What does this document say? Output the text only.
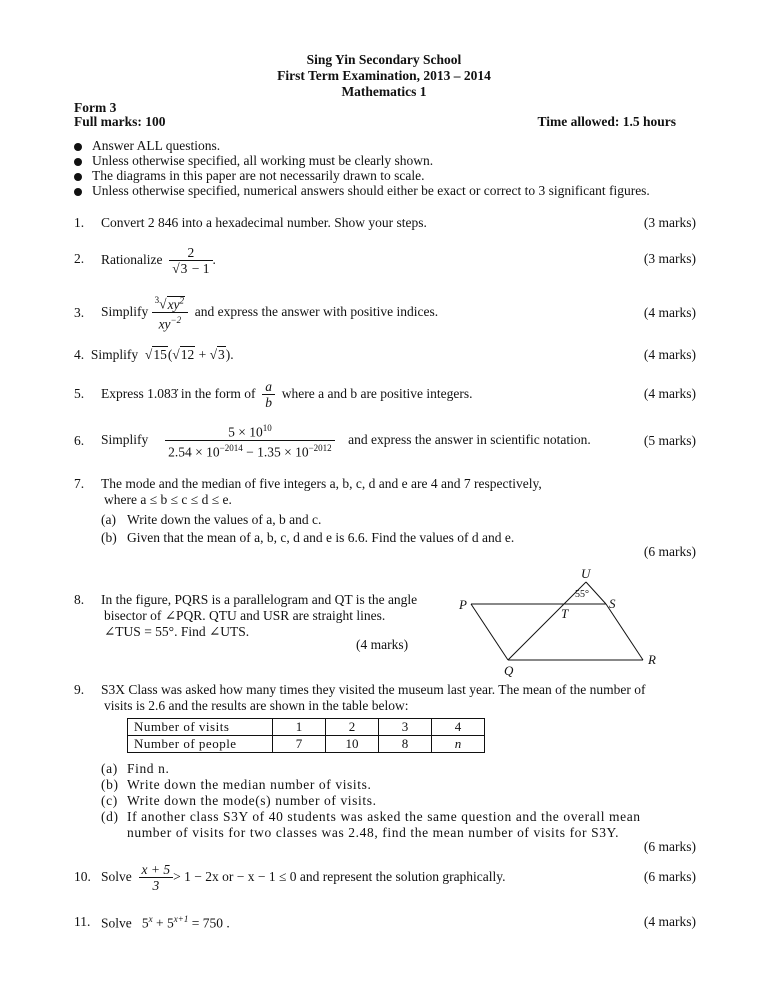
Sing Yin Secondary School
First Term Examination, 2013 – 2014
Mathematics 1
Form 3
Full marks: 100	Time allowed: 1.5 hours
Answer ALL questions.
Unless otherwise specified, all working must be clearly shown.
The diagrams in this paper are not necessarily drawn to scale.
Unless otherwise specified, numerical answers should either be exact or correct to 3 significant figures.
1. Convert 2 846 into a hexadecimal number. Show your steps.	(3 marks)
2. Rationalize
$\frac{2}{√3 - 1}$ .	(3 marks)
3. Simplify
$\frac{^3√xy^2}{xy^{-2}}$
and express the answer with positive indices.	(4 marks)
4.
Simplify
√15(√12 + √3).	(4 marks)
5. Express 1.083̇ in the form of
$\frac{a}{b}$
where a and b are positive integers.	(4 marks)
6. Simplify
$\frac{5 \times 10^{10}}{2.54 \times 10^{-2014} - 1.35 \times 10^{-2012}}$
and express the answer in scientific notation.	(5 marks)
7. The mode and the median of five integers a, b, c, d and e are 4 and 7 respectively,
where a ≤ b ≤ c ≤ d ≤ e.
(a) Write down the values of a, b and c.
(b) Given that the mean of a, b, c, d and e is 6.6. Find the values of d and e.
(6 marks)
8. In the figure, PQRS is a parallelogram and QT is the angle
bisector of ∠PQR. QTU and USR are straight lines.
∠TUS = 55°. Find ∠UTS.
(4 marks)
U
P	S
T
Q
R
55°
9. S3X Class was asked how many times they visited the museum last year. The mean of the number of
visits is 2.6 and the results are shown in the table below:
Number of visits	1	2	3	4
Number of people	7	10	8	n
(a) Find n.
(b) Write down the median number of visits.
(c) Write down the mode(s) number of visits.
(d) If another class S3Y of 40 students was asked the same question and the overall mean
number of visits for two classes was 2.48, find the mean number of visits for S3Y.
(6 marks)
10. Solve
$\frac{x + 5}{3} > 1 - 2x$ or − x − 1 ≤ 0 and represent the solution graphically.	(6 marks)
11. Solve $5^x + 5^{x+1} = 750$ .	(4 marks)
